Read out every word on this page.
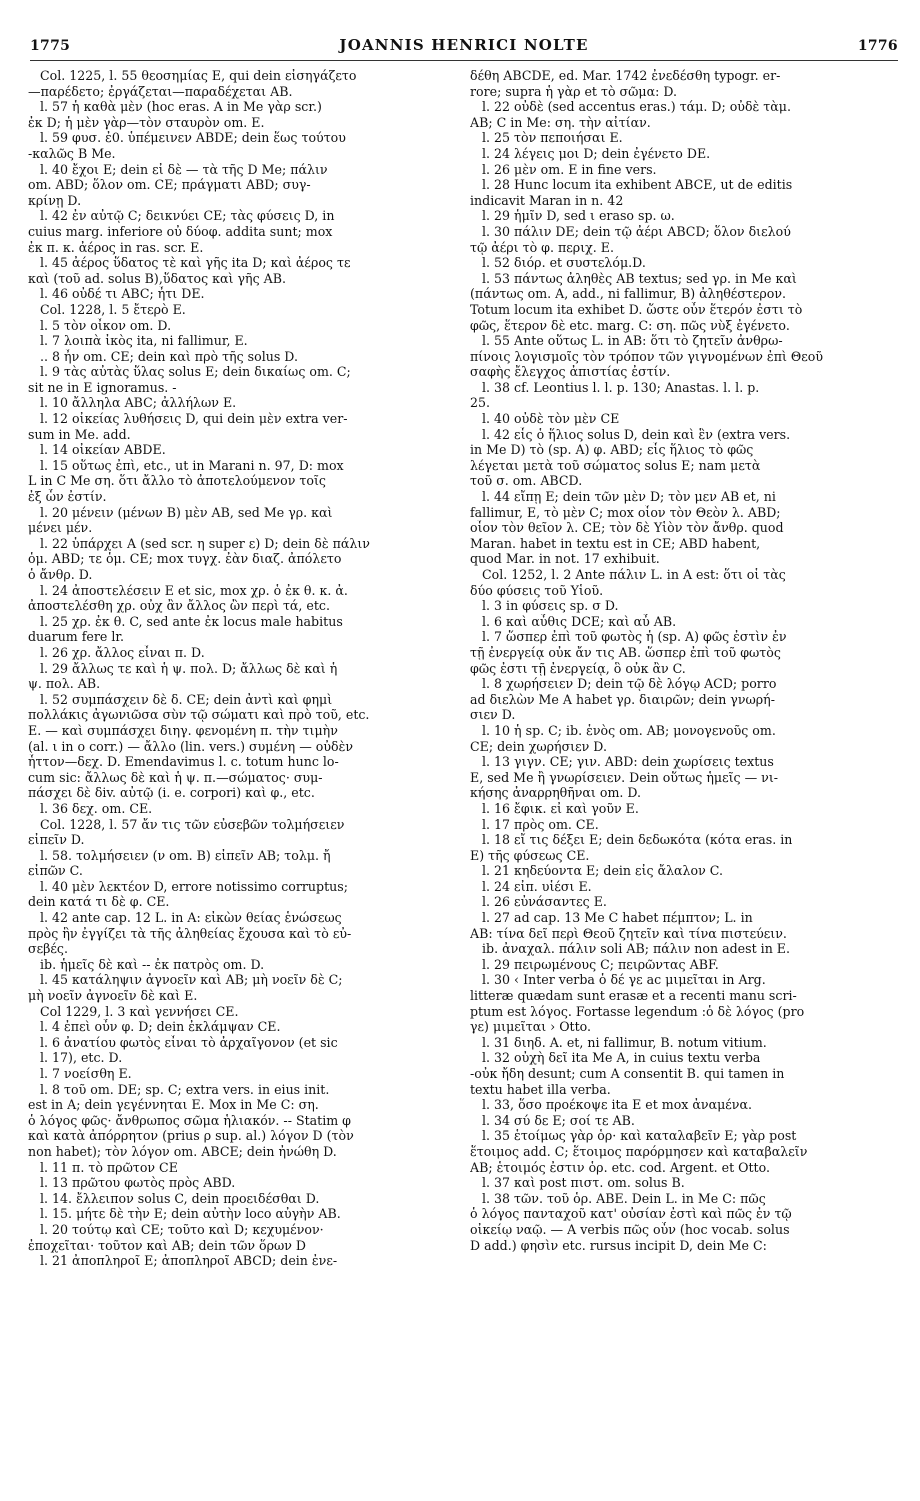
1775	JOANNIS HENRICI NOLTE	1776

Col. 1225, l. 55 θεοσημίας E, qui dein εἰσηγάζετο

—παρέδετο; ἐργάζεται—παραδέχεται AB.

l. 57 ἡ καθὰ μὲν (hoc eras. A in Me γὰρ scr.)

ἐκ D; ἡ μὲν γὰρ—τὸν σταυρὸν om. E.

l. 59 φυσ. ἐ0. ὑπέμεινεν ABDE; dein ἕως τούτου

-καλῶς B Me.

l. 40 ἔχοι E; dein εἰ δὲ — τὰ τῆς D Me; πάλιν

om. ABD; ὅλον om. CE; πράγματι ABD; συγ-

κρίνῃ D.

l. 42 ἐν αὐτῷ C; δεικνύει CE; τὰς φύσεις D, in

cuius marg. inferiore οὐ δύοφ. addita sunt; mox

ἐκ π. κ. ἀέρος in ras. scr. E.

l. 45 ἀέρος ὕδατος τὲ καὶ γῆς ita D; καὶ ἀέρος τε

καὶ (τοῦ ad. solus B),ὕδατος καὶ γῆς AB.

l. 46 οὐδέ τι ABC; ἦτι DE.

Col. 1228, l. 5 ἔτερὸ E.

l. 5 τὸν οἶκον om. D.

l. 7 λοιπὰ ἰκὸς ita, ni fallimur, E.

.. 8 ἦν om. CE; dein καὶ πρὸ τῆς solus D.

l. 9 τὰς αὐτὰς ὕλας solus E; dein δικαίως om. C;

sit ne in E ignoramus. -

l. 10 ἄλληλα ABC; ἀλλήλων E.

l. 12 οἰκείας λυθήσεις D, qui dein μὲν extra ver-

sum in Me. add.

l. 14 οἰκείαν ABDE.

l. 15 οὕτως ἐπὶ, etc., ut in Marani n. 97, D: mox

L in C Me ση. ὅτι ἄλλο τὸ ἀποτελούμενον τοῖς

ἐξ ὧν ἐστίν.

l. 20 μένειν (μένων B) μὲν AB, sed Me γρ. καὶ

μένει μέν.

l. 22 ὑπάρχει A (sed scr. η super ε) D; dein δὲ πάλιν

ὁμ. ABD; τε ὁμ. CE; mox τυγχ. ἐὰν διαζ. ἀπόλετο

ὁ ἄνθρ. D.

l. 24 ἀποστελέσειν E et sic, mox χρ. ὁ ἐκ θ. κ. ἀ.

ἀποστελέσθη χρ. οὐχ ἂν ἄλλος ὢν περὶ τά, etc.

l. 25 χρ. ἐκ θ. C, sed ante ἐκ locus male habitus

duarum fere lr.

l. 26 χρ. ἄλλος εἶναι π. D.

l. 29 ἄλλως τε καὶ ἡ ψ. πολ. D; ἄλλως δὲ καὶ ἡ

ψ. πολ. AB.

l. 52 συμπάσχειν δὲ δ. CE; dein ἀντὶ καὶ φημὶ

πολλάκις ἀγωνιῶσα σὺν τῷ σώματι καὶ πρὸ τοῦ, etc.

E. — καὶ συμπάσχει διηγ. φενομένη π. τὴν τιμὴν

(al. ι in ο corr.) — ἄλλο (lin. vers.) συμένη — οὐδὲν

ἧττον—δεχ. D. Emendavimus l. c. totum hunc lo-

cum sic: ἄλλως δὲ καὶ ἡ ψ. π.—σώματος· συμ-

πάσχει δὲ δiv. αὐτῷ (i. e. corpori) καὶ φ., etc.

l. 36 δεχ. om. CE.

Col. 1228, l. 57 ἄν τις τῶν εὐσεβῶν τολμήσειεν

εἰπεῖν D.

l. 58. τολμήσειεν (ν om. B) εἰπεῖν AB; τολμ. ἤ

εἰπῶν C.

l. 40 μὲν λεκτέον D, errore notissimo corruptus;

dein κατά τι δὲ φ. CE.

l. 42 ante cap. 12 L. in A: εἰκὼν θείας ἑνώσεως

πρὸς ἣν ἐγγίζει τὰ τῆς ἀληθείας ἔχουσα καὶ τὸ εὐ-

σεβές.

ib. ἡμεῖς δὲ καὶ -- ἐκ πατρὸς om. D.

l. 45 κατάληψιν ἀγνοεῖν καὶ AB; μὴ νοεῖν δὲ C;

μὴ νοεῖν ἀγνοεῖν δὲ καὶ E.

Col 1229, l. 3 καὶ γεννήσει CE.

l. 4 ἐπεὶ οὖν φ. D; dein ἐκλάμψαν CE.

l. 6 ἀνατίου φωτὸς εἶναι τὸ ἀρχαῖγονον (et sic

l. 17), etc. D.

l. 7 νοείσθη E.

l. 8 τοῦ om. DE; sp. C; extra vers. in eius init.

est in A; dein γεγέννηται E. Mox in Me C: ση.

ὁ λόγος φῶς· ἄνθρωπος σῶμα ἡλιακόν. -- Statim φ

καὶ κατὰ ἀπόρρητον (prius ρ sup. al.) λόγον D (τὸν

non habet); τὸν λόγον om. ABCE; dein ἠνώθη D.

l. 11 π. τὸ πρῶτον CE

l. 13 πρῶτου φωτὸς πρὸς ABD.

l. 14. ἔλλειπον solus C, dein προειδέσθαι D.

l. 15. μήτε δὲ τὴν E; dein αὐτὴν loco αὐγὴν AB.

l. 20 τούτῳ καὶ CE; τοῦτο καὶ D; κεχυμένον·

ἐποχεῖται· τοῦτον καὶ AB; dein τῶν ὅρων D

l. 21 ἀποπληροῖ E; ἀποπληροῖ ABCD; dein ἐνε-

δέθη ABCDE, ed. Mar. 1742 ἐνεδέσθη typogr. er-

rore; supra ἡ γὰρ et τὸ σῶμα: D.

l. 22 οὐδὲ (sed accentus eras.) τάμ. D; οὐδὲ τὰμ.

AB; C in Me: ση. τὴν αἰτίαν.

l. 25 τὸν πεποιήσαι E.

l. 24 λέγεις μοι D; dein ἐγένετο DE.

l. 26 μὲν om. E in fine vers.

l. 28 Hunc locum ita exhibent ABCE, ut de editis

indicavit Maran in n. 42

l. 29 ἡμῖν D, sed ι eraso sp. ω.

l. 30 πάλιν DE; dein τῷ ἀέρι ABCD; ὅλον διελού

τῷ ἀέρι τὸ φ. περιχ. E.

l. 52 διόρ. et συστελόμ.D.

l. 53 πάντως ἀληθὲς AB textus; sed γρ. in Me καὶ

(πάντως om. A, add., ni fallimur, B) ἀληθέστερον.

Totum locum ita exhibet D. ὥστε οὖν ἕτερόν ἐστι τὸ

φῶς, ἕτερον δὲ etc. marg. C: ση. πῶς νὺξ ἐγένετο.

l. 55 Ante οὕτως L. in AB: ὅτι τὸ ζητεῖν ἀνθρω-

πίνοις λογισμοῖς τὸν τρόπον τῶν γιγνομένων ἐπὶ Θεοῦ

σαφὴς ἔλεγχος ἀπιστίας ἐστίν.

l. 38 cf. Leontius l. l. p. 130; Anastas. l. l. p.

25.

l. 40 οὐδὲ τὸν μὲν CE

l. 42 εἷς ὁ ἥλιος solus D, dein καὶ ἓν (extra vers.

in Me D) τὸ (sp. A) φ. ABD; εἷς ἥλιος τὸ φῶς

λέγεται μετὰ τοῦ σώματος solus E; nam μετὰ

τοῦ σ. om. ABCD.

l. 44 εἴπῃ E; dein τῶν μὲν D; τὸν μεν AB et, ni

fallimur, E, τὸ μὲν C; mox οἷον τὸν Θεὸν λ. ABD;

οἷον τὸν θεῖον λ. CE; τὸν δὲ Υἱὸν τὸν ἄνθρ. quod

Maran. habet in textu est in CE; ABD habent,

quod Mar. in not. 17 exhibuit.

Col. 1252, l. 2 Ante πάλιν L. in A est: ὅτι οἱ τὰς

δύο φύσεις τοῦ Υἱοῦ.

l. 3 in φύσεις sp. σ D.

l. 6 καὶ αὖθις DCE; καὶ αὖ AB.

l. 7 ὥσπερ ἐπὶ τοῦ φωτὸς ἡ (sp. A) φῶς ἐστὶν ἐν

τῇ ἐνεργείᾳ οὐκ ἄν τις AB. ὥσπερ ἐπὶ τοῦ φωτὸς

φῶς ἐστι τῇ ἐνεργείᾳ, ὃ οὐκ ἂν C.

l. 8 χωρήσειεν D; dein τῷ δὲ λόγῳ ACD; porro

ad διελὼν Me A habet γρ. διαιρῶν; dein γνωρή-

σιεν D.

l. 10 ἡ sp. C; ib. ἑνὸς om. AB; μονογενοῦς om.

CE; dein χωρήσιεν D.

l. 13 γιγν. CE; γιν. ABD: dein χωρίσεις textus

E, sed Me ἢ γνωρίσειεν. Dein οὕτως ἡμεῖς — νι-

κήσης ἀναρρηθῆναι om. D.

l. 16 ἔφικ. εἰ καὶ γοῦν E.

l. 17 πρὸς om. CE.

l. 18 εἴ τις δέξει E; dein δεδωκότα (κότα eras. in

E) τῆς φύσεως CE.

l. 21 κηδεύοντα E; dein εἰς ἄλαλον C.

l. 24 εἰπ. υἱέσι E.

l. 26 εὐνάσαντες E.

l. 27 ad cap. 13 Me C habet πέμπτον; L. in

AB: τίνα δεῖ περὶ Θεοῦ ζητεῖν καὶ τίνα πιστεύειν.

ib. ἀναχαλ. πάλιν soli AB; πάλιν non adest in E.

l. 29 πειρωμένους C; πειρῶντας ABF.

l. 30 ‹ Inter verba ὁ δέ γε ac μιμεῖται in Arg.

litteræ quædam sunt erasæ et a recenti manu scri-

ptum est λόγος. Fortasse legendum :ὁ δὲ λόγος (pro

γε) μιμεῖται › Otto.

l. 31 διηδ. A. et, ni fallimur, B. notum vitium.

l. 32 οὐχὴ δεῖ ita Me A, in cuius textu verba

-οὐκ ἤδη desunt; cum A consentit B. qui tamen in

textu habet illa verba.

l. 33, ὅσο προέκοψε ita E et mox ἀναμένα.

l. 34 σύ δε E; σοί τε AB.

l. 35 ἑτοίμως γὰρ ὁρ· καὶ καταλαβεῖν E; γὰρ post

ἕτοιμος add. C; ἕτοιμος παρόρμησεν καὶ καταβαλεῖν

AB; ἑτοιμός ἐστιν ὁρ. etc. cod. Argent. et Otto.

l. 37 καὶ post πιστ. om. solus B.

l. 38 τῶν. τοῦ ὁρ. ABE. Dein L. in Me C: πῶς

ὁ λόγος πανταχοῦ κατ' οὐσίαν ἐστὶ καὶ πῶς ἐν τῷ

οἰκείῳ ναῷ. — A verbis πῶς οὖν (hoc vocab. solus

D add.) φησὶν etc. rursus incipit D, dein Me C:
